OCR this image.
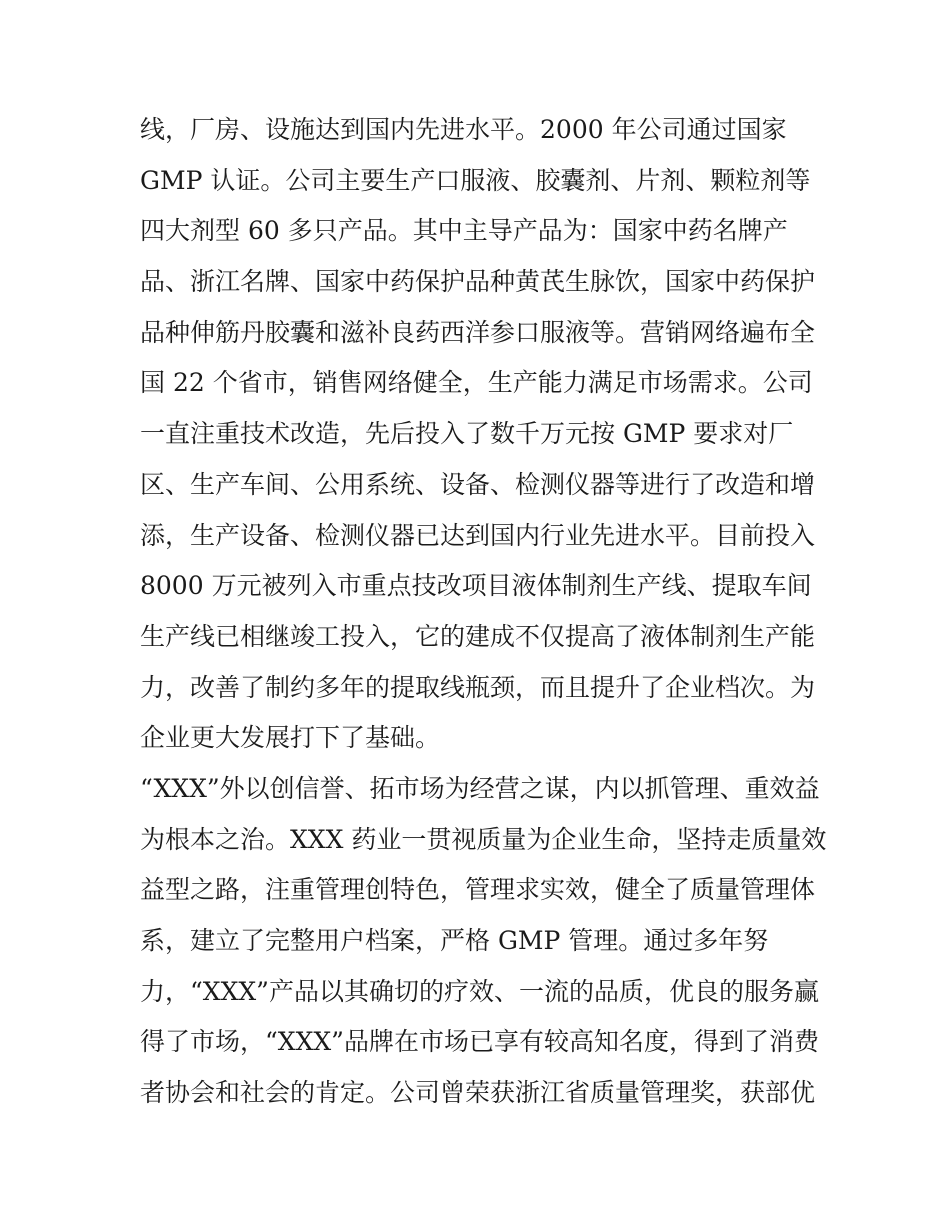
线，厂房、设施达到国内先进水平。2000 年公司通过国家
GMP 认证。公司主要生产口服液、胶囊剂、片剂、颗粒剂等
四大剂型 60 多只产品。其中主导产品为：国家中药名牌产
品、浙江名牌、国家中药保护品种黄芪生脉饮，国家中药保护
品种伸筋丹胶囊和滋补良药西洋参口服液等。营销网络遍布全
国 22 个省市，销售网络健全，生产能力满足市场需求。公司
一直注重技术改造，先后投入了数千万元按 GMP 要求对厂
区、生产车间、公用系统、设备、检测仪器等进行了改造和增
添，生产设备、检测仪器已达到国内行业先进水平。目前投入
8000 万元被列入市重点技改项目液体制剂生产线、提取车间
生产线已相继竣工投入，它的建成不仅提高了液体制剂生产能
力，改善了制约多年的提取线瓶颈，而且提升了企业档次。为
企业更大发展打下了基础。
“XXX”外以创信誉、拓市场为经营之谋，内以抓管理、重效益
为根本之治。XXX 药业一贯视质量为企业生命，坚持走质量效
益型之路，注重管理创特色，管理求实效，健全了质量管理体
系，建立了完整用户档案，严格 GMP 管理。通过多年努
力，“XXX”产品以其确切的疗效、一流的品质，优良的服务赢
得了市场，“XXX”品牌在市场已享有较高知名度，得到了消费
者协会和社会的肯定。公司曾荣获浙江省质量管理奖，获部优
